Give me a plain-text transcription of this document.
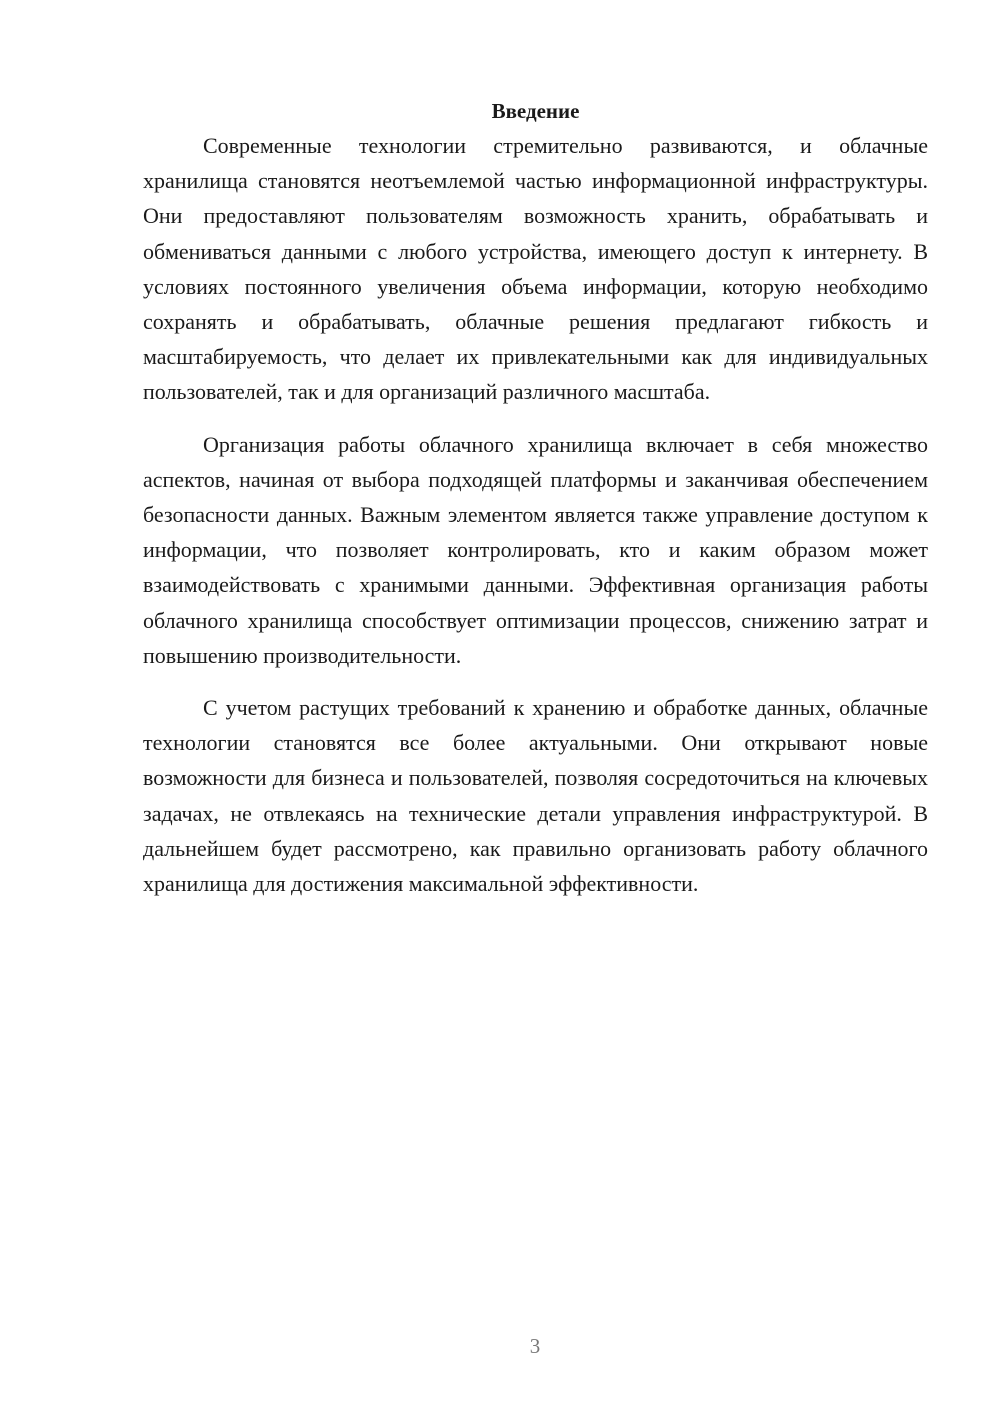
Введение

Современные технологии стремительно развиваются, и облачные хранилища становятся неотъемлемой частью информационной инфраструктуры. Они предоставляют пользователям возможность хранить, обрабатывать и обмениваться данными с любого устройства, имеющего доступ к интернету. В условиях постоянного увеличения объема информации, которую необходимо сохранять и обрабатывать, облачные решения предлагают гибкость и масштабируемость, что делает их привлекательными как для индивидуальных пользователей, так и для организаций различного масштаба.

Организация работы облачного хранилища включает в себя множество аспектов, начиная от выбора подходящей платформы и заканчивая обеспечением безопасности данных. Важным элементом является также управление доступом к информации, что позволяет контролировать, кто и каким образом может взаимодействовать с хранимыми данными. Эффективная организация работы облачного хранилища способствует оптимизации процессов, снижению затрат и повышению производительности.

С учетом растущих требований к хранению и обработке данных, облачные технологии становятся все более актуальными. Они открывают новые возможности для бизнеса и пользователей, позволяя сосредоточиться на ключевых задачах, не отвлекаясь на технические детали управления инфраструктурой. В дальнейшем будет рассмотрено, как правильно организовать работу облачного хранилища для достижения максимальной эффективности.

3
